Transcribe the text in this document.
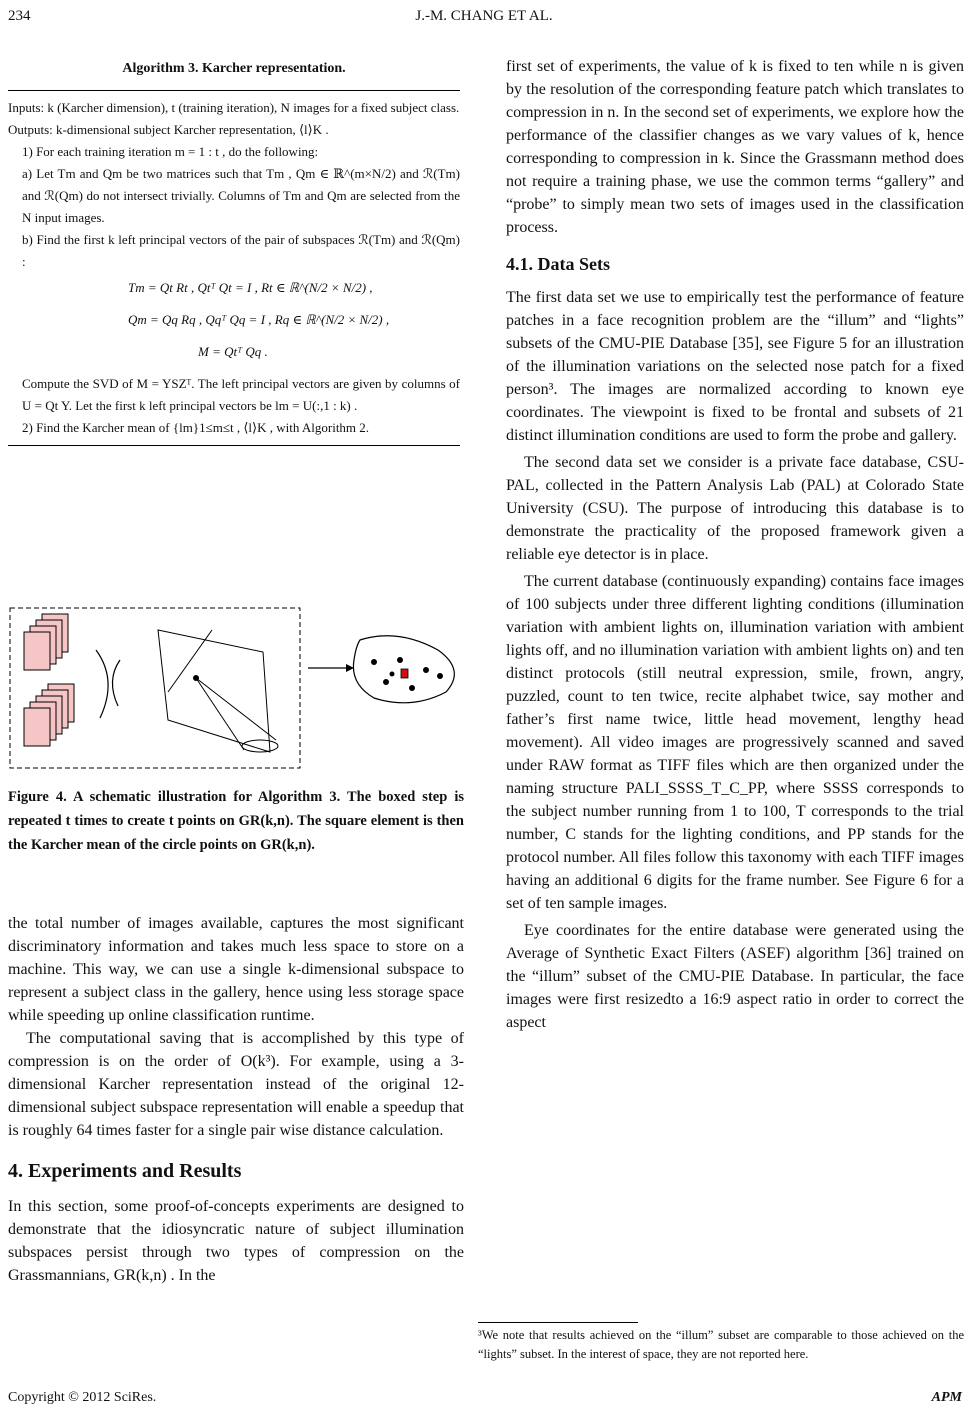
234	J.-M. CHANG ET AL.
Algorithm 3. Karcher representation.

Inputs: k (Karcher dimension), t (training iteration), N images for a fixed subject class.

Outputs: k-dimensional subject Karcher representation, ⟨l⟩K .

1) For each training iteration m = 1 : t , do the following:

a) Let Tm and Qm be two matrices such that Tm , Qm ∈ ℝ^(m×N/2) and ℛ(Tm) and ℛ(Qm) do not intersect trivially. Columns of Tm and Qm are selected from the N input images.

b) Find the first k left principal vectors of the pair of subspaces ℛ(Tm) and ℛ(Qm) :

Tm = Qt Rt , Qtᵀ Qt = I , Rt ∈ ℝ^(N/2 × N/2) ,

Qm = Qq Rq , Qqᵀ Qq = I , Rq ∈ ℝ^(N/2 × N/2) ,

M = Qtᵀ Qq .

Compute the SVD of M = YSZᵀ. The left principal vectors are given by columns of U = Qt Y. Let the first k left principal vectors be lm = U(:,1 : k) .

2) Find the Karcher mean of {lm}1≤m≤t , ⟨l⟩K , with Algorithm 2.

Figure 4. A schematic illustration for Algorithm 3. The boxed step is repeated t times to create t points on GR(k,n). The square element is then the Karcher mean of the circle points on GR(k,n).

the total number of images available, captures the most significant discriminatory information and takes much less space to store on a machine. This way, we can use a single k-dimensional subspace to represent a subject class in the gallery, hence using less storage space while speeding up online classification runtime.

The computational saving that is accomplished by this type of compression is on the order of O(k³). For example, using a 3-dimensional Karcher representation instead of the original 12-dimensional subject subspace representation will enable a speedup that is roughly 64 times faster for a single pair wise distance calculation.

4. Experiments and Results

In this section, some proof-of-concepts experiments are designed to demonstrate that the idiosyncratic nature of subject illumination subspaces persist through two types of compression on the Grassmannians, GR(k,n) . In the

first set of experiments, the value of k is fixed to ten while n is given by the resolution of the corresponding feature patch which translates to compression in n. In the second set of experiments, we explore how the performance of the classifier changes as we vary values of k, hence corresponding to compression in k. Since the Grassmann method does not require a training phase, we use the common terms “gallery” and “probe” to simply mean two sets of images used in the classification process.

4.1. Data Sets

The first data set we use to empirically test the performance of feature patches in a face recognition problem are the “illum” and “lights” subsets of the CMU-PIE Database [35], see Figure 5 for an illustration of the illumination variations on the selected nose patch for a fixed person³. The images are normalized according to known eye coordinates. The viewpoint is fixed to be frontal and subsets of 21 distinct illumination conditions are used to form the probe and gallery.

The second data set we consider is a private face database, CSU-PAL, collected in the Pattern Analysis Lab (PAL) at Colorado State University (CSU). The purpose of introducing this database is to demonstrate the practicality of the proposed framework given a reliable eye detector is in place.

The current database (continuously expanding) contains face images of 100 subjects under three different lighting conditions (illumination variation with ambient lights on, illumination variation with ambient lights off, and no illumination variation with ambient lights on) and ten distinct protocols (still neutral expression, smile, frown, angry, puzzled, count to ten twice, recite alphabet twice, say mother and father’s first name twice, little head movement, lengthy head movement). All video images are progressively scanned and saved under RAW format as TIFF files which are then organized under the naming structure PALI_SSSS_T_C_PP, where SSSS corresponds to the subject number running from 1 to 100, T corresponds to the trial number, C stands for the lighting conditions, and PP stands for the protocol number. All files follow this taxonomy with each TIFF images having an additional 6 digits for the frame number. See Figure 6 for a set of ten sample images.

Eye coordinates for the entire database were generated using the Average of Synthetic Exact Filters (ASEF) algorithm [36] trained on the “illum” subset of the CMU-PIE Database. In particular, the face images were first resizedto a 16:9 aspect ratio in order to correct the aspect

³We note that results achieved on the “illum” subset are comparable to those achieved on the “lights” subset. In the interest of space, they are not reported here.
Copyright © 2012 SciRes.	APM
